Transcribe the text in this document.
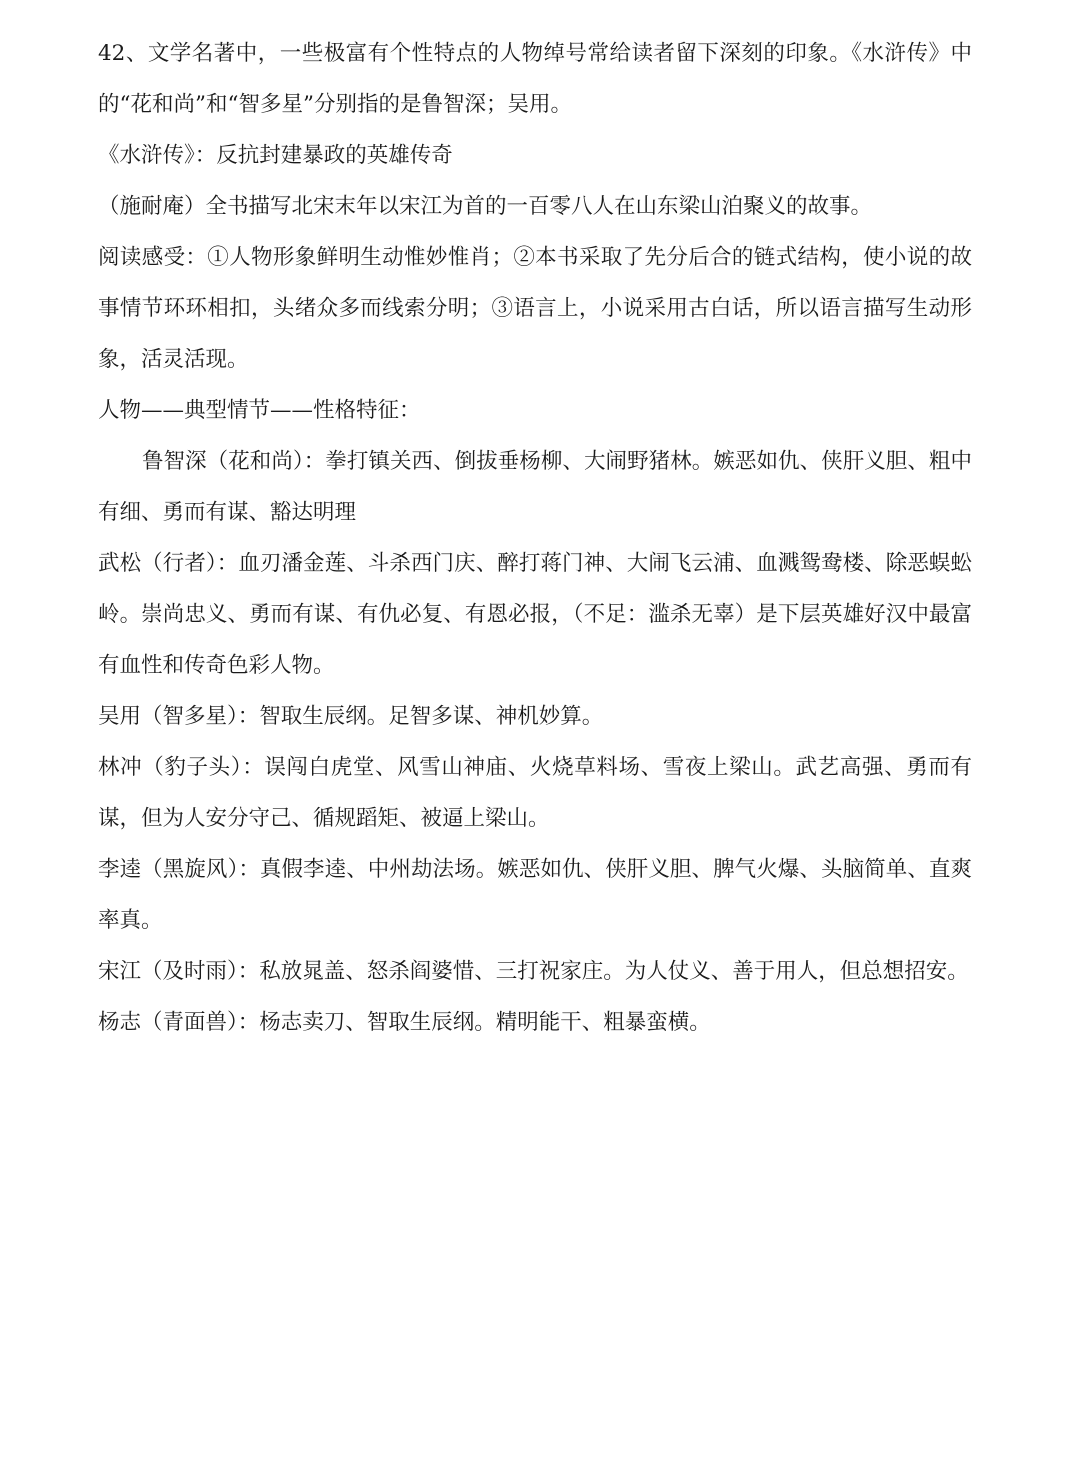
42、文学名著中，一些极富有个性特点的人物绰号常给读者留下深刻的印象。《水浒传》中的“花和尚”和“智多星”分别指的是鲁智深；吴用。

《水浒传》：反抗封建暴政的英雄传奇

（施耐庵）全书描写北宋末年以宋江为首的一百零八人在山东梁山泊聚义的故事。

阅读感受：①人物形象鲜明生动惟妙惟肖；②本书采取了先分后合的链式结构，使小说的故事情节环环相扣，头绪众多而线索分明；③语言上，小说采用古白话，所以语言描写生动形象，活灵活现。

人物——典型情节——性格特征：

鲁智深（花和尚）：拳打镇关西、倒拔垂杨柳、大闹野猪林。嫉恶如仇、侠肝义胆、粗中有细、勇而有谋、豁达明理

武松（行者）：血刃潘金莲、斗杀西门庆、醉打蒋门神、大闹飞云浦、血溅鸳鸯楼、除恶蜈蚣岭。崇尚忠义、勇而有谋、有仇必复、有恩必报，（不足：滥杀无辜）是下层英雄好汉中最富有血性和传奇色彩人物。

吴用（智多星）：智取生辰纲。足智多谋、神机妙算。

林冲（豹子头）：误闯白虎堂、风雪山神庙、火烧草料场、雪夜上梁山。武艺高强、勇而有谋，但为人安分守己、循规蹈矩、被逼上梁山。

李逵（黑旋风）：真假李逵、中州劫法场。嫉恶如仇、侠肝义胆、脾气火爆、头脑简单、直爽率真。

宋江（及时雨）：私放晁盖、怒杀阎婆惜、三打祝家庄。为人仗义、善于用人，但总想招安。

杨志（青面兽）：杨志卖刀、智取生辰纲。精明能干、粗暴蛮横。
